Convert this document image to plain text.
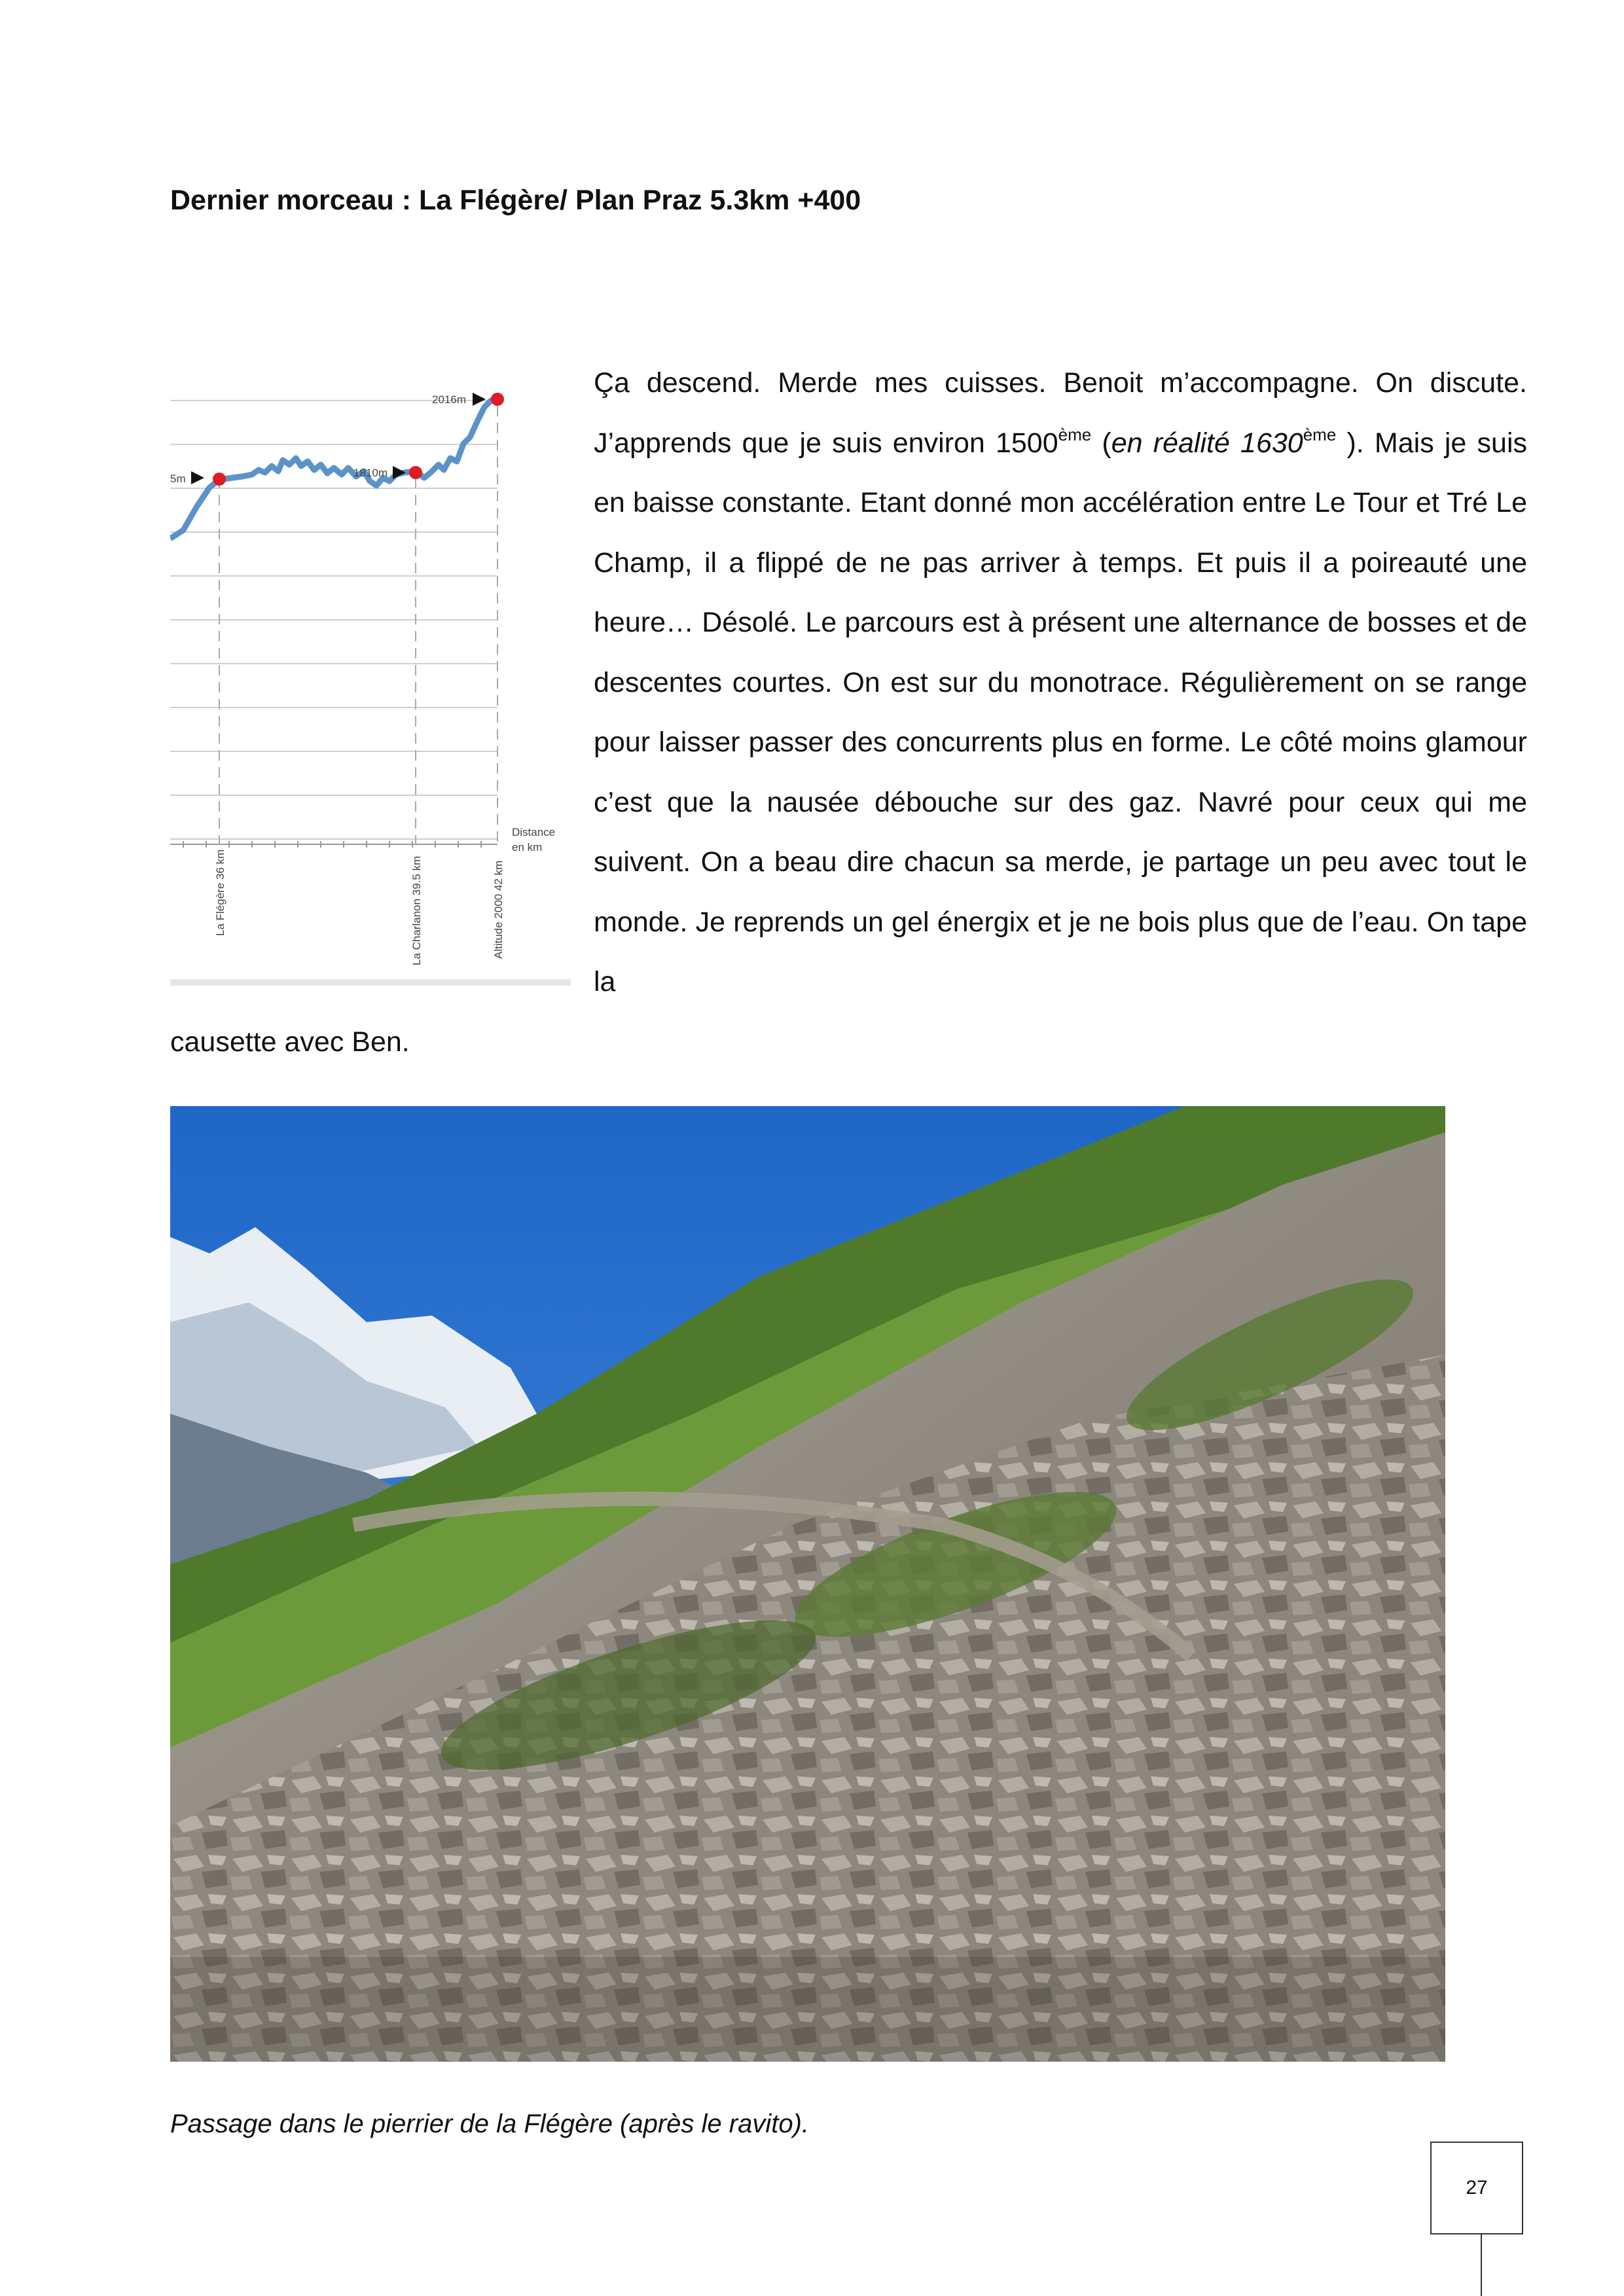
Dernier morceau : La Flégère/ Plan Praz 5.3km +400
5m	1810m
2016m
Distance
en km
La Flégère 36 km	La Charlanon 39.5 km	Altitude 2000 42 km
Ça descend. Merde mes cuisses. Benoit m’accompagne. On discute. J’apprends que je suis environ 1500ème (en réalité 1630ème ). Mais je suis en baisse constante. Etant donné mon accélération entre Le Tour et Tré Le Champ, il a flippé de ne pas arriver à temps. Et puis il a poireauté une heure… Désolé. Le parcours est à présent une alternance de bosses et de descentes courtes. On est sur du monotrace. Régulièrement on se range pour laisser passer des concurrents plus en forme. Le côté moins glamour c’est que la nausée débouche sur des gaz. Navré pour ceux qui me suivent. On a beau dire chacun sa merde, je partage un peu avec tout le monde. Je reprends un gel énergix et je ne bois plus que de l’eau. On tape la
causette avec Ben.
Passage dans le pierrier de la Flégère (après le ravito).
27
